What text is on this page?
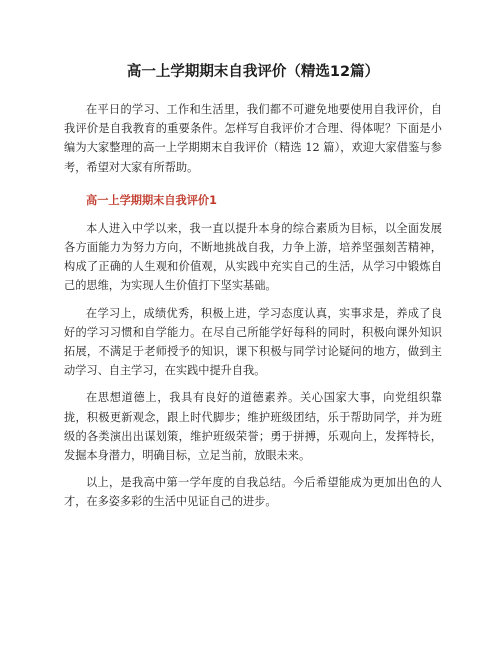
高一上学期期末自我评价（精选12篇）

在平日的学习、工作和生活里，我们都不可避免地要使用自我评价，自我评价是自我教育的重要条件。怎样写自我评价才合理、得体呢？下面是小编为大家整理的高一上学期期末自我评价（精选 12 篇），欢迎大家借鉴与参考，希望对大家有所帮助。

高一上学期期末自我评价1

本人进入中学以来，我一直以提升本身的综合素质为目标，以全面发展各方面能力为努力方向，不断地挑战自我，力争上游，培养坚强刻苦精神，构成了正确的人生观和价值观，从实践中充实自己的生活，从学习中锻炼自己的思维，为实现人生价值打下坚实基础。

在学习上，成绩优秀，积极上进，学习态度认真，实事求是，养成了良好的学习习惯和自学能力。在尽自己所能学好每科的同时，积极向课外知识拓展，不满足于老师授予的知识，课下积极与同学讨论疑问的地方，做到主动学习、自主学习，在实践中提升自我。

在思想道德上，我具有良好的道德素养。关心国家大事，向党组织靠拢，积极更新观念，跟上时代脚步；维护班级团结，乐于帮助同学，并为班级的各类演出出谋划策，维护班级荣誉；勇于拼搏，乐观向上，发挥特长，发掘本身潜力，明确目标，立足当前，放眼未来。

以上，是我高中第一学年度的自我总结。今后希望能成为更加出色的人才，在多姿多彩的生活中见证自己的进步。
